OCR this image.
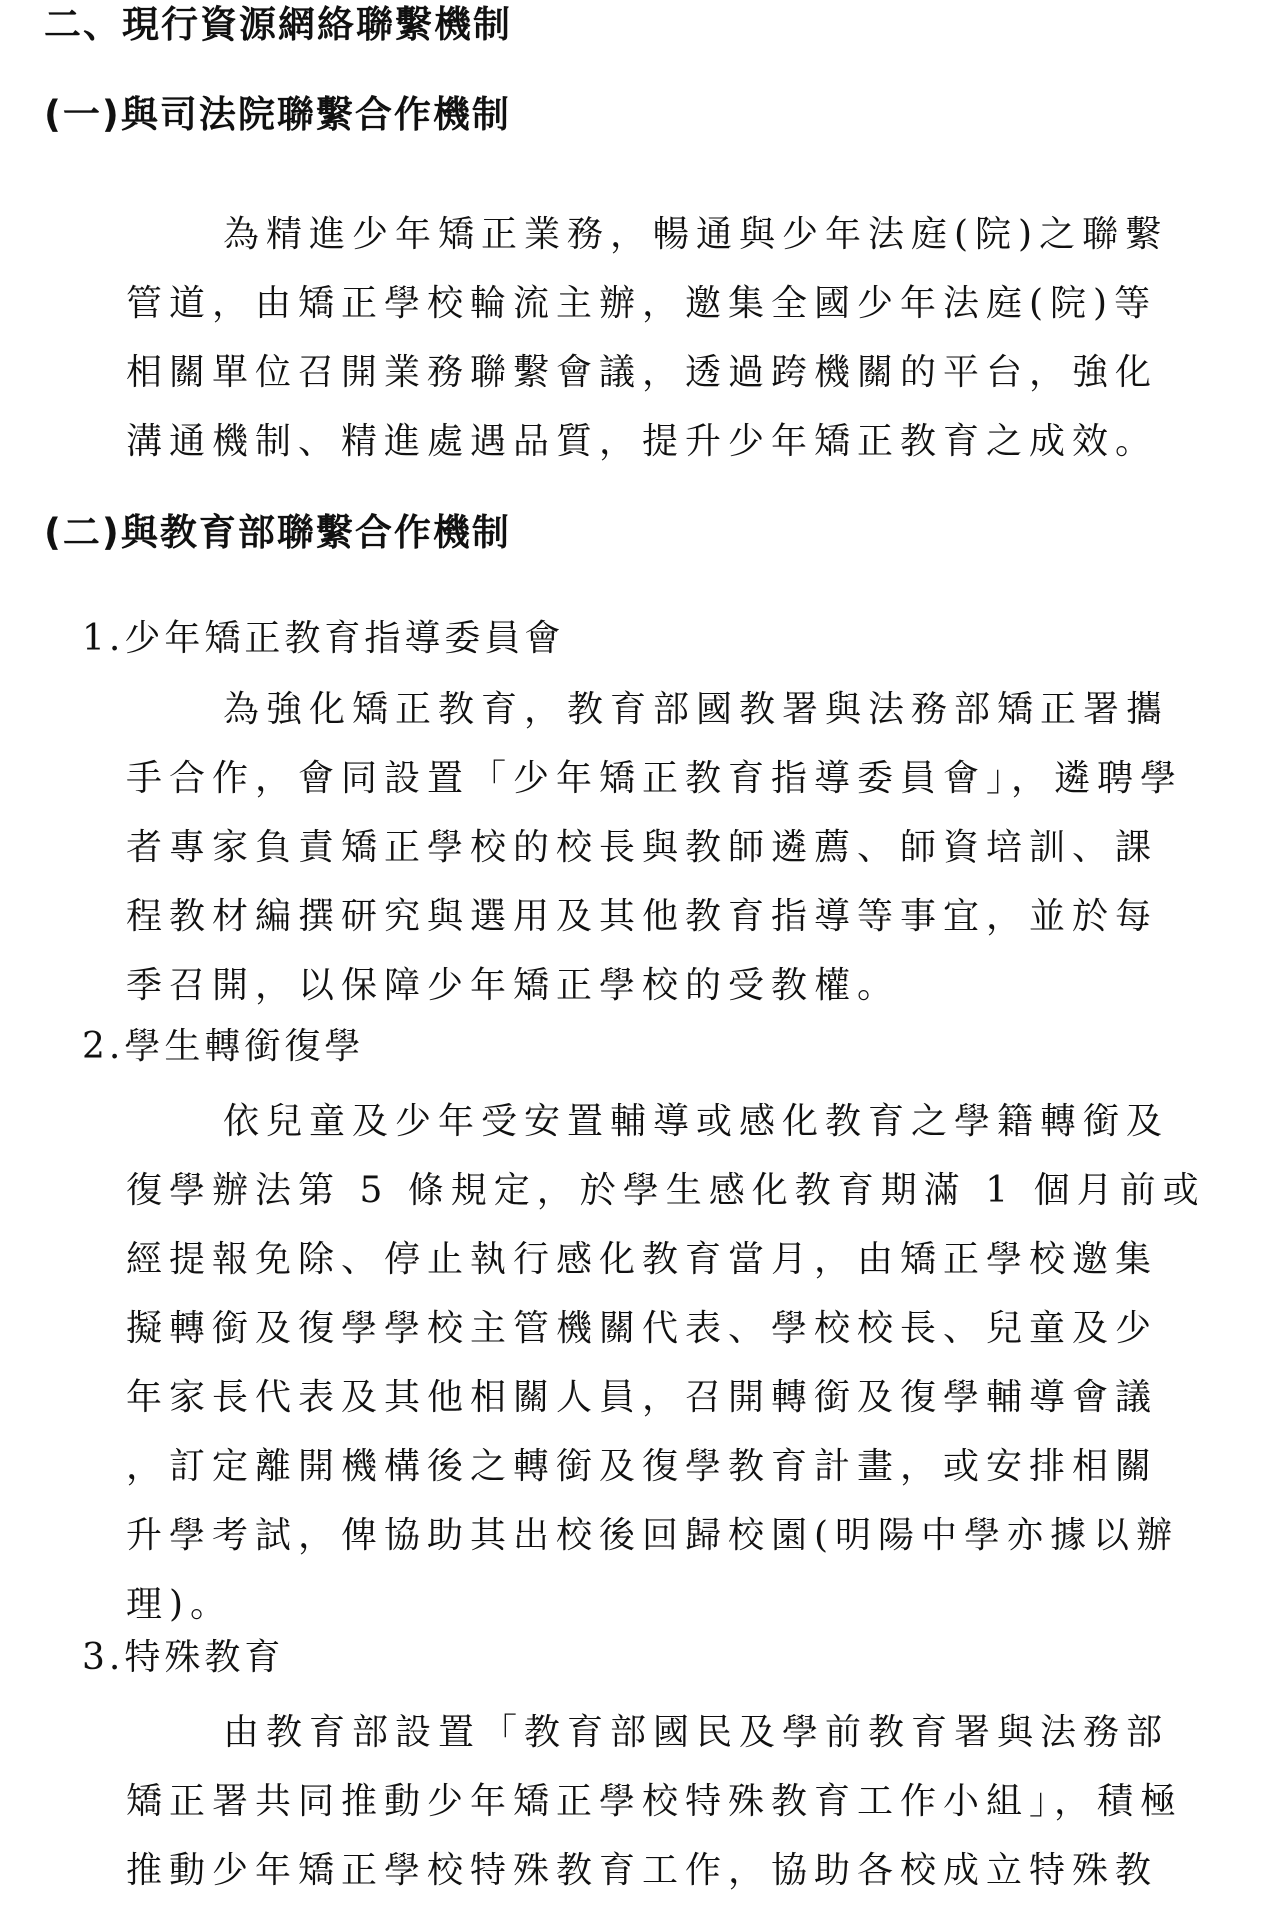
二、現行資源網絡聯繫機制
(一)與司法院聯繫合作機制
為精進少年矯正業務，暢通與少年法庭(院)之聯繫
管道，由矯正學校輪流主辦，邀集全國少年法庭(院)等
相關單位召開業務聯繫會議，透過跨機關的平台，強化
溝通機制、精進處遇品質，提升少年矯正教育之成效。
(二)與教育部聯繫合作機制
1.少年矯正教育指導委員會
為強化矯正教育，教育部國教署與法務部矯正署攜
手合作，會同設置「少年矯正教育指導委員會」，遴聘學
者專家負責矯正學校的校長與教師遴薦、師資培訓、課
程教材編撰研究與選用及其他教育指導等事宜，並於每
季召開，以保障少年矯正學校的受教權。
2.學生轉銜復學
依兒童及少年受安置輔導或感化教育之學籍轉銜及
復學辦法第 5 條規定，於學生感化教育期滿 1 個月前或
經提報免除、停止執行感化教育當月，由矯正學校邀集
擬轉銜及復學學校主管機關代表、學校校長、兒童及少
年家長代表及其他相關人員，召開轉銜及復學輔導會議
，訂定離開機構後之轉銜及復學教育計畫，或安排相關
升學考試，俾協助其出校後回歸校園(明陽中學亦據以辦
理)。
3.特殊教育
由教育部設置「教育部國民及學前教育署與法務部
矯正署共同推動少年矯正學校特殊教育工作小組」，積極
推動少年矯正學校特殊教育工作，協助各校成立特殊教
